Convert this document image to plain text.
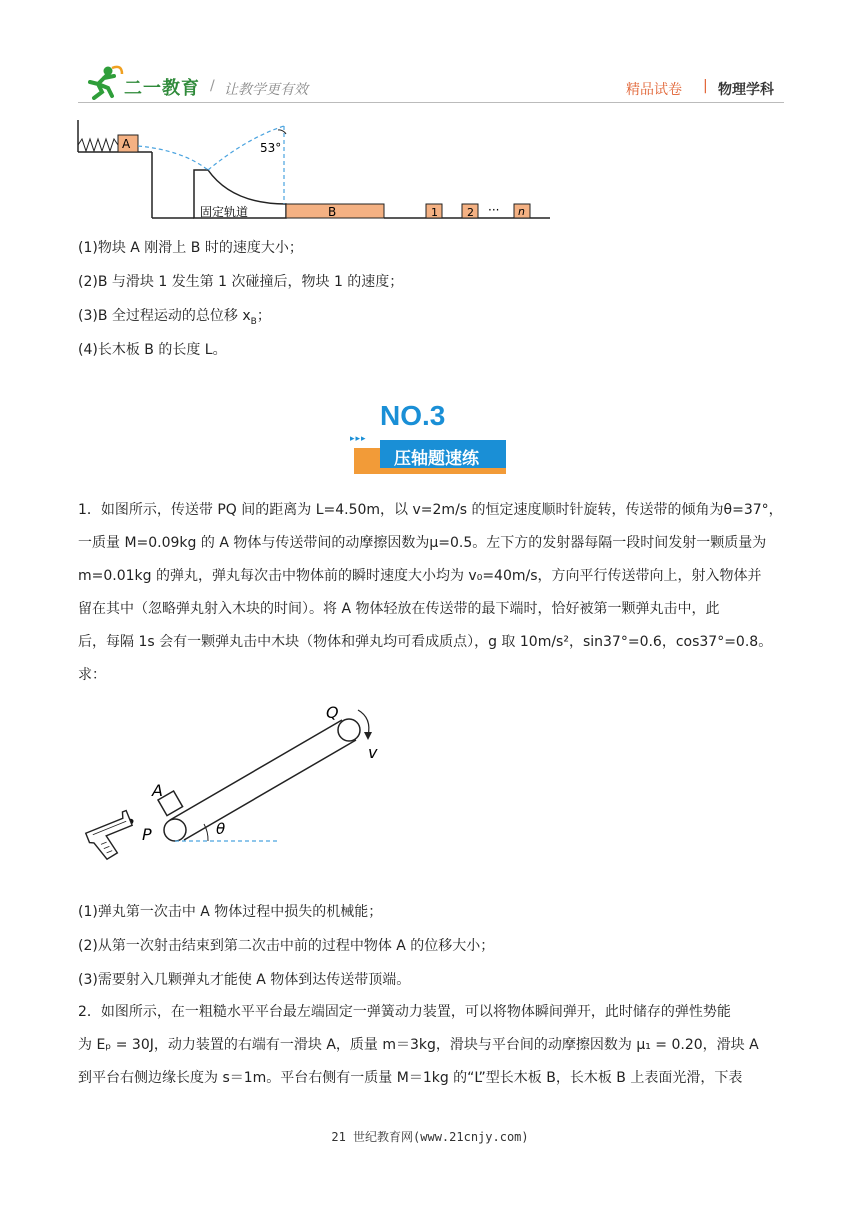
二一教育 / 让教学更有效	精品试卷 | 物理学科
A
固定轨道
53°
B	1	2 ··· n
(1)物块 A 刚滑上 B 时的速度大小；
(2)B 与滑块 1 发生第 1 次碰撞后，物块 1 的速度；
(3)B 全过程运动的总位移 $x_B$；
(4)长木板 B 的长度 L。
NO.3
▸▸▸
压轴题速练
1．如图所示，传送带 PQ 间的距离为 L=4.50m，以 v=2m/s 的恒定速度顺时针旋转，传送带的倾角为θ=37°，
一质量 M=0.09kg 的 A 物体与传送带间的动摩擦因数为μ=0.5。左下方的发射器每隔一段时间发射一颗质量为
m=0.01kg 的弹丸，弹丸每次击中物体前的瞬时速度大小均为 v₀=40m/s，方向平行传送带向上，射入物体并
留在其中（忽略弹丸射入木块的时间）。将 A 物体轻放在传送带的最下端时，恰好被第一颗弹丸击中，此
后，每隔 1s 会有一颗弹丸击中木块（物体和弹丸均可看成质点），g 取 10m/s²，sin37°=0.6，cos37°=0.8。
求：
Q
v
A
P	θ
(1)弹丸第一次击中 A 物体过程中损失的机械能；
(2)从第一次射击结束到第二次击中前的过程中物体 A 的位移大小；
(3)需要射入几颗弹丸才能使 A 物体到达传送带顶端。
2．如图所示，在一粗糙水平平台最左端固定一弹簧动力装置，可以将物体瞬间弹开，此时储存的弹性势能
为 Eₚ = 30J，动力装置的右端有一滑块 A，质量 m＝3kg，滑块与平台间的动摩擦因数为 μ₁ = 0.20，滑块 A
到平台右侧边缘长度为 s＝1m。平台右侧有一质量 M＝1kg 的“L”型长木板 B，长木板 B 上表面光滑，下表
21 世纪教育网(www.21cnjy.com)
